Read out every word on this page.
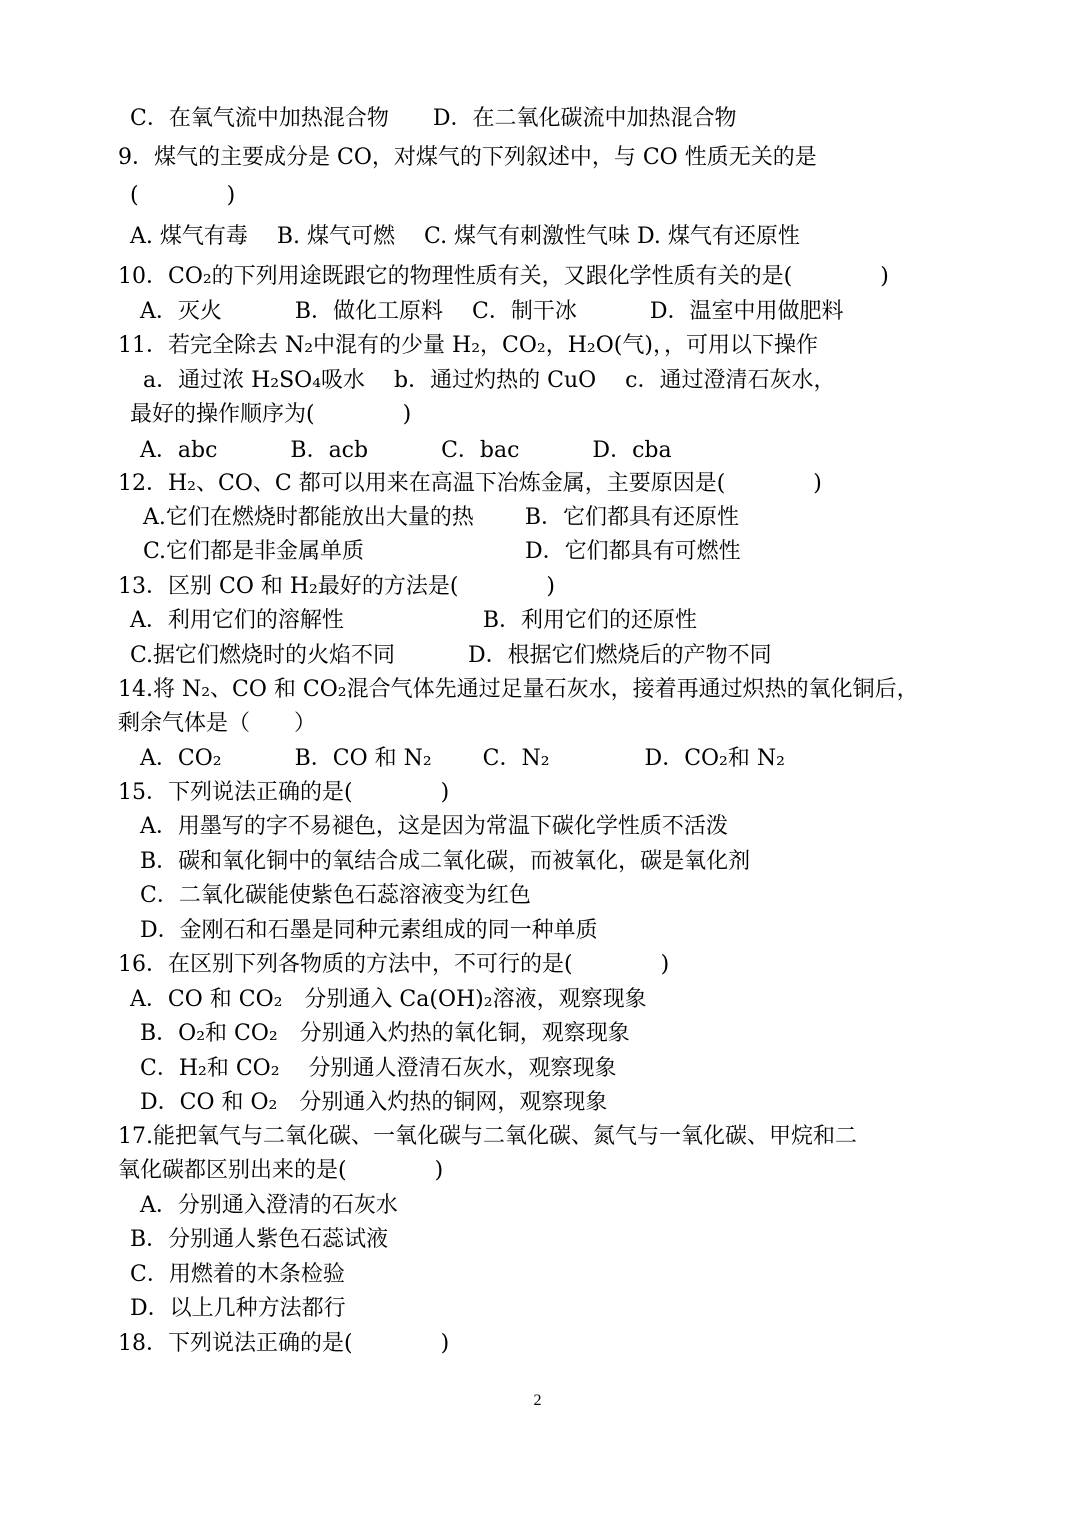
C．在氧气流中加热混合物　　D．在二氧化碳流中加热混合物
9．煤气的主要成分是 CO，对煤气的下列叙述中，与 CO 性质无关的是
(　　　　)
A. 煤气有毒　 B. 煤气可燃　 C. 煤气有刺激性气味 D. 煤气有还原性
10．CO₂的下列用途既跟它的物理性质有关，又跟化学性质有关的是(　　　　)
A．灭火　　　 B．做化工原料　 C．制干冰　　　 D．温室中用做肥料
11．若完全除去 N₂中混有的少量 H₂，CO₂，H₂O(气)，，可用以下操作
a．通过浓 H₂SO₄吸水　 b．通过灼热的 CuO　 c．通过澄清石灰水，
最好的操作顺序为(　　　　)
A．abc　　　 B．acb　　　 C．bac　　　 D．cba
12．H₂、CO、C 都可以用来在高温下冶炼金属，主要原因是(　　　　)
A.它们在燃烧时都能放出大量的热　　 B．它们都具有还原性
C.它们都是非金属单质　　　　　　　 D．它们都具有可燃性
13．区别 CO 和 H₂最好的方法是(　　　　)
A．利用它们的溶解性　　　　　　 B．利用它们的还原性
C.据它们燃烧时的火焰不同　　　 D．根据它们燃烧后的产物不同
14.将 N₂、CO 和 CO₂混合气体先通过足量石灰水，接着再通过炽热的氧化铜后，
剩余气体是（　　）
A．CO₂　　　 B．CO 和 N₂　　 C．N₂　　　　 D．CO₂和 N₂
15．下列说法正确的是(　　　　)
A．用墨写的字不易褪色，这是因为常温下碳化学性质不活泼
B．碳和氧化铜中的氧结合成二氧化碳，而被氧化，碳是氧化剂
C．二氧化碳能使紫色石蕊溶液变为红色
D．金刚石和石墨是同种元素组成的同一种单质
16．在区别下列各物质的方法中，不可行的是(　　　　)
A．CO 和 CO₂　分别通入 Ca(OH)₂溶液，观察现象
B．O₂和 CO₂　分别通入灼热的氧化铜，观察现象
C．H₂和 CO₂　 分别通人澄清石灰水，观察现象
D．CO 和 O₂　分别通入灼热的铜网，观察现象
17.能把氧气与二氧化碳、一氧化碳与二氧化碳、氮气与一氧化碳、甲烷和二
氧化碳都区别出来的是(　　　　)
A．分别通入澄清的石灰水
B．分别通人紫色石蕊试液
C．用燃着的木条检验
D．以上几种方法都行
18．下列说法正确的是(　　　　)
2
